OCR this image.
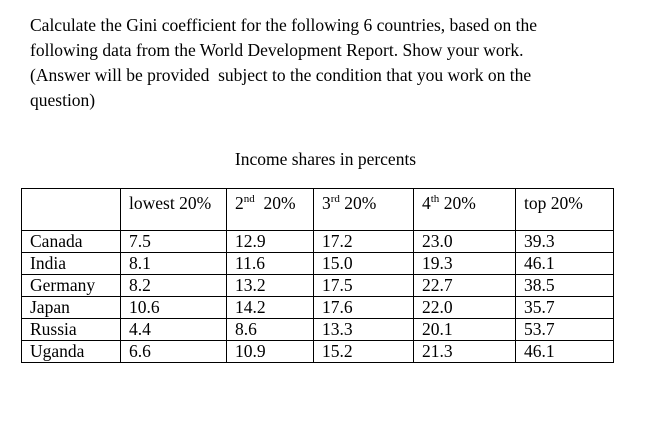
Calculate the Gini coefficient for the following 6 countries, based on the
following data from the World Development Report. Show your work.
(Answer will be provided  subject to the condition that you work on the
question)
Income shares in percents
	lowest 20%	2nd  20%	3rd 20%	4th 20%	top 20%
Canada	7.5	12.9	17.2	23.0	39.3
India	8.1	11.6	15.0	19.3	46.1
Germany	8.2	13.2	17.5	22.7	38.5
Japan	10.6	14.2	17.6	22.0	35.7
Russia	4.4	8.6	13.3	20.1	53.7
Uganda	6.6	10.9	15.2	21.3	46.1
